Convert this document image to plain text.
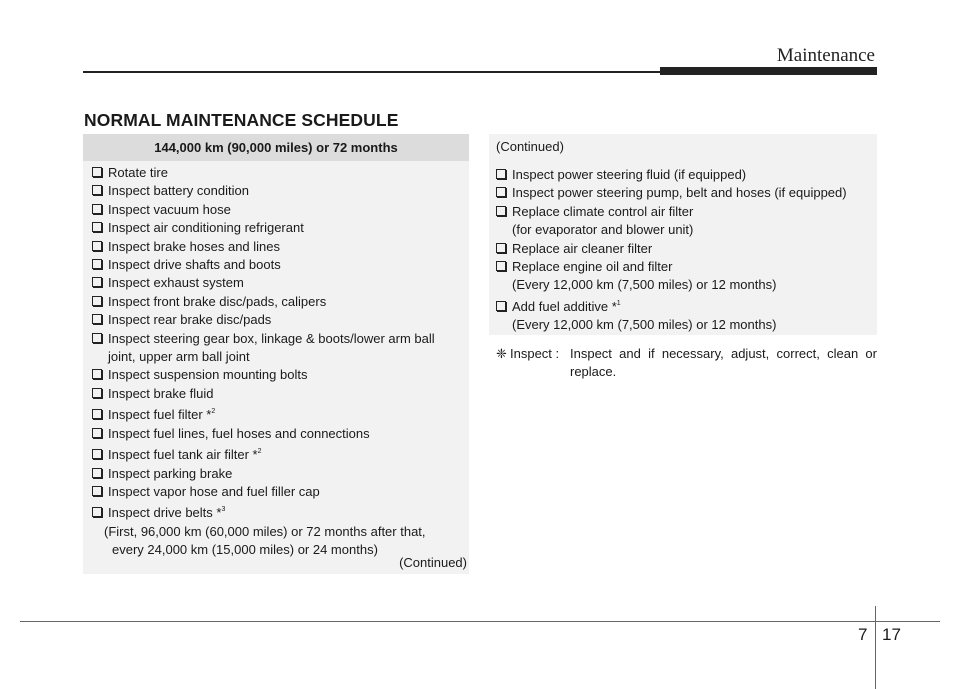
Maintenance
NORMAL MAINTENANCE SCHEDULE
144,000 km (90,000 miles) or 72 months
Rotate tire
Inspect battery condition
Inspect vacuum hose
Inspect air conditioning refrigerant
Inspect brake hoses and lines
Inspect drive shafts and boots
Inspect exhaust system
Inspect front brake disc/pads, calipers
Inspect rear brake disc/pads
Inspect steering gear box, linkage & boots/lower arm ball
joint, upper arm ball joint
Inspect suspension mounting bolts
Inspect brake fluid
Inspect fuel filter *$^2$
Inspect fuel lines, fuel hoses and connections
Inspect fuel tank air filter *$^2$
Inspect parking brake
Inspect vapor hose and fuel filler cap
Inspect drive belts *$^3$
(First, 96,000 km (60,000 miles) or 72 months after that,
every 24,000 km (15,000 miles) or 24 months)
(Continued)
(Continued)
Inspect power steering fluid (if equipped)
Inspect power steering pump, belt and hoses (if equipped)
Replace climate control air filter
(for evaporator and blower unit)
Replace air cleaner filter
Replace engine oil and filter
(Every 12,000 km (7,500 miles) or 12 months)
Add fuel additive *$^1$
(Every 12,000 km (7,500 miles) or 12 months)
❈ Inspect : Inspect and if necessary, adjust, correct, clean or replace.
7 17
